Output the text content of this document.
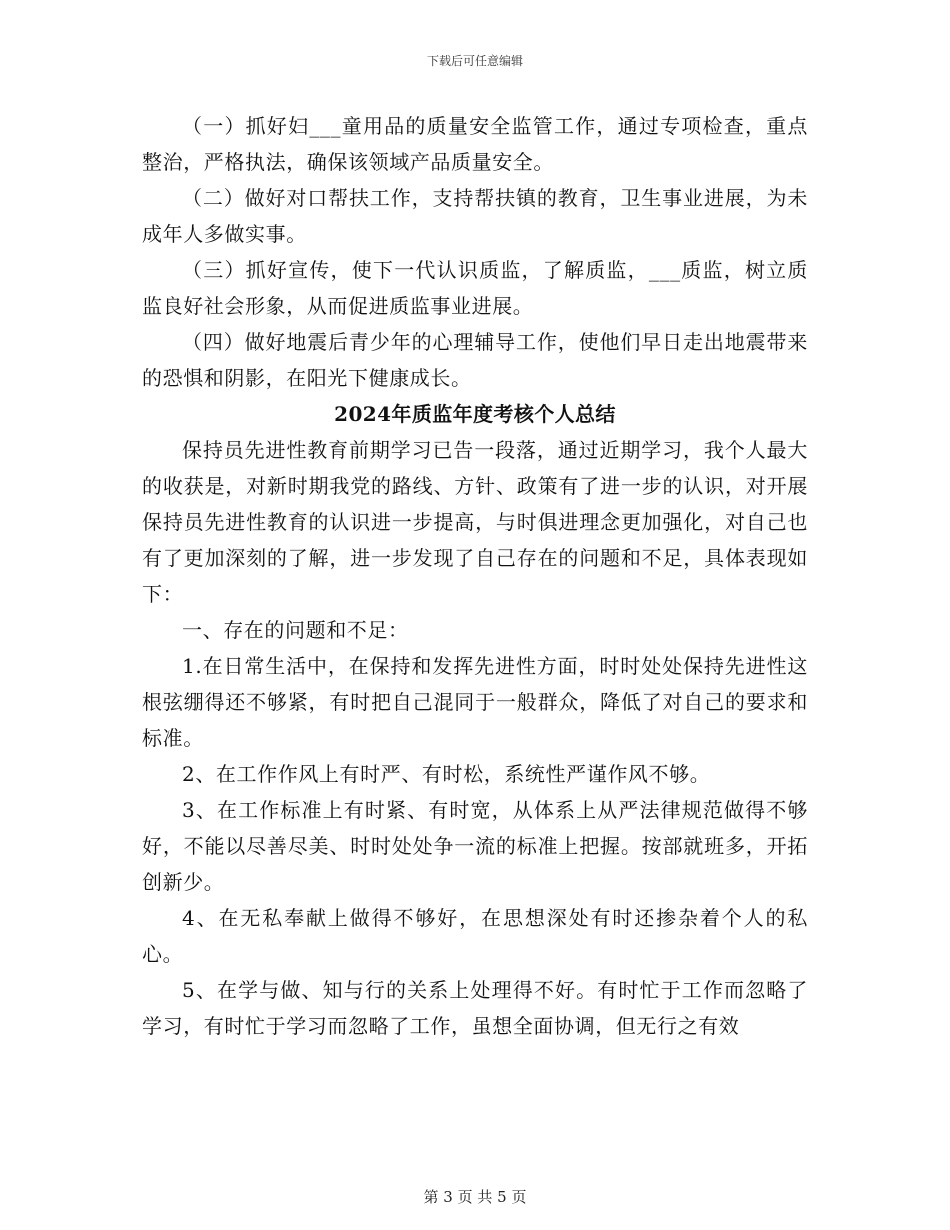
下载后可任意编辑

（一）抓好妇___童用品的质量安全监管工作，通过专项检查，重点整治，严格执法，确保该领域产品质量安全。

（二）做好对口帮扶工作，支持帮扶镇的教育，卫生事业进展，为未成年人多做实事。

（三）抓好宣传，使下一代认识质监，了解质监，___质监，树立质监良好社会形象，从而促进质监事业进展。

（四）做好地震后青少年的心理辅导工作，使他们早日走出地震带来的恐惧和阴影，在阳光下健康成长。

2024年质监年度考核个人总结

保持员先进性教育前期学习已告一段落，通过近期学习，我个人最大的收获是，对新时期我党的路线、方针、政策有了进一步的认识，对开展保持员先进性教育的认识进一步提高，与时俱进理念更加强化，对自己也有了更加深刻的了解，进一步发现了自己存在的问题和不足，具体表现如下：

一、存在的问题和不足：

1.在日常生活中，在保持和发挥先进性方面，时时处处保持先进性这根弦绷得还不够紧，有时把自己混同于一般群众，降低了对自己的要求和标准。

2、在工作作风上有时严、有时松，系统性严谨作风不够。

3、在工作标准上有时紧、有时宽，从体系上从严法律规范做得不够好，不能以尽善尽美、时时处处争一流的标准上把握。按部就班多，开拓创新少。

4、在无私奉献上做得不够好，在思想深处有时还掺杂着个人的私心。

5、在学与做、知与行的关系上处理得不好。有时忙于工作而忽略了学习，有时忙于学习而忽略了工作，虽想全面协调，但无行之有效

第 3 页 共 5 页
